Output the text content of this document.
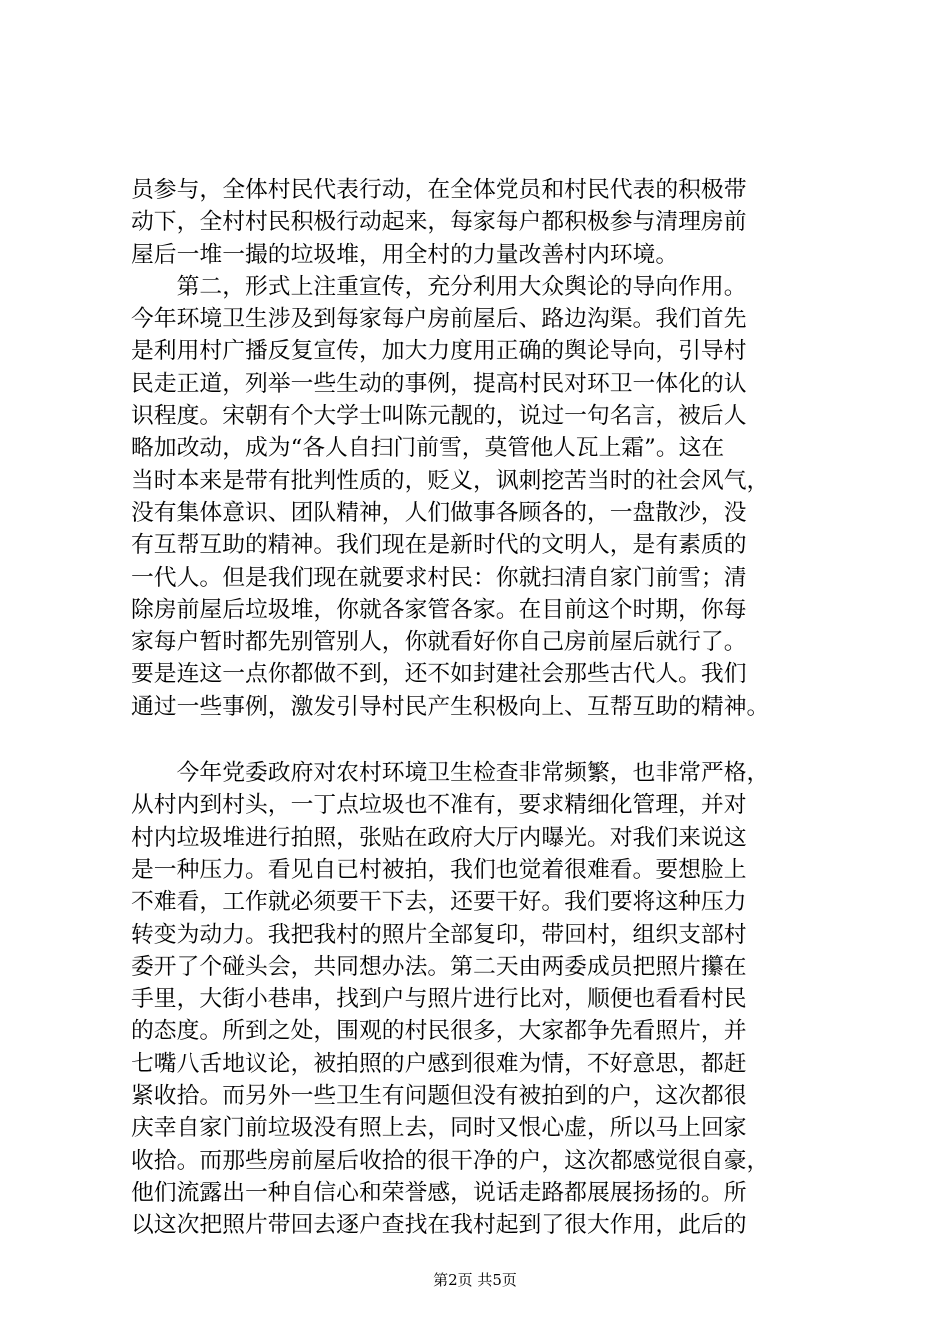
员参与，全体村民代表行动，在全体党员和村民代表的积极带
动下，全村村民积极行动起来，每家每户都积极参与清理房前
屋后一堆一撮的垃圾堆，用全村的力量改善村内环境。
　　第二，形式上注重宣传，充分利用大众舆论的导向作用。
今年环境卫生涉及到每家每户房前屋后、路边沟渠。我们首先
是利用村广播反复宣传，加大力度用正确的舆论导向，引导村
民走正道，列举一些生动的事例，提高村民对环卫一体化的认
识程度。宋朝有个大学士叫陈元靓的，说过一句名言，被后人
略加改动，成为“各人自扫门前雪，莫管他人瓦上霜”。这在
当时本来是带有批判性质的，贬义，讽刺挖苦当时的社会风气，
没有集体意识、团队精神，人们做事各顾各的，一盘散沙，没
有互帮互助的精神。我们现在是新时代的文明人，是有素质的
一代人。但是我们现在就要求村民：你就扫清自家门前雪；清
除房前屋后垃圾堆，你就各家管各家。在目前这个时期，你每
家每户暂时都先别管别人，你就看好你自己房前屋后就行了。
要是连这一点你都做不到，还不如封建社会那些古代人。我们
通过一些事例，激发引导村民产生积极向上、互帮互助的精神。
　　今年党委政府对农村环境卫生检查非常频繁，也非常严格，
从村内到村头，一丁点垃圾也不准有，要求精细化管理，并对
村内垃圾堆进行拍照，张贴在政府大厅内曝光。对我们来说这
是一种压力。看见自已村被拍，我们也觉着很难看。要想脸上
不难看，工作就必须要干下去，还要干好。我们要将这种压力
转变为动力。我把我村的照片全部复印，带回村，组织支部村
委开了个碰头会，共同想办法。第二天由两委成员把照片攥在
手里，大街小巷串，找到户与照片进行比对，顺便也看看村民
的态度。所到之处，围观的村民很多，大家都争先看照片，并
七嘴八舌地议论，被拍照的户感到很难为情，不好意思，都赶
紧收拾。而另外一些卫生有问题但没有被拍到的户，这次都很
庆幸自家门前垃圾没有照上去，同时又恨心虚，所以马上回家
收拾。而那些房前屋后收拾的很干净的户，这次都感觉很自豪，
他们流露出一种自信心和荣誉感，说话走路都展展扬扬的。所
以这次把照片带回去逐户查找在我村起到了很大作用，此后的
第2页 共5页
